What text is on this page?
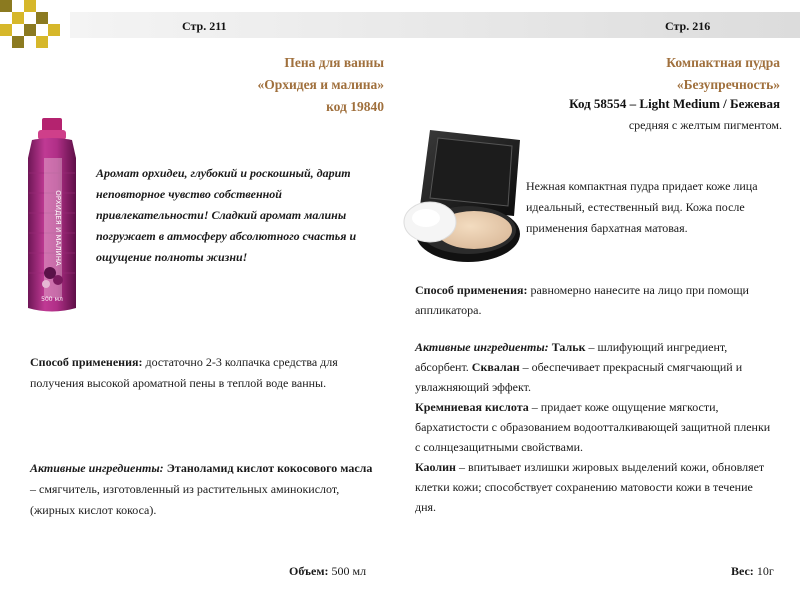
Стр. 211	Стр. 216
Пена для ванны
«Орхидея и малина»
код 19840
ОРХИДЕЯ И МАЛИНА
500 мл
Аромат орхидеи, глубокий и роскошный, дарит неповторное чувство собственной привлекательности! Сладкий аромат малины погружает в атмосферу абсолютного счастья и ощущение полноты жизни!
Способ применения: достаточно 2-3 колпачка средства для получения высокой ароматной пены в теплой воде ванны.
Активные ингредиенты: Этаноламид кислот кокосового масла – смягчитель, изготовленный из растительных аминокислот, (жирных кислот кокоса).
Объем: 500 мл
Компактная пудра
«Безупречность»
Код 58554 – Light Medium / Бежевая
средняя с желтым пигментом.
Нежная компактная пудра придает коже лица идеальный, естественный вид. Кожа после применения бархатная матовая.
Способ применения: равномерно нанесите на лицо при помощи аппликатора.
Активные ингредиенты: Тальк – шлифующий ингредиент, абсорбент. Сквалан – обеспечивает прекрасный смягчающий и увлажняющий эффект.
Кремниевая кислота – придает коже ощущение мягкости, бархатистости с образованием водоотталкивающей защитной пленки с солнцезащитными свойствами.
Каолин – впитывает излишки жировых выделений кожи, обновляет клетки кожи; способствует сохранению матовости кожи в течение дня.
Вес: 10г
